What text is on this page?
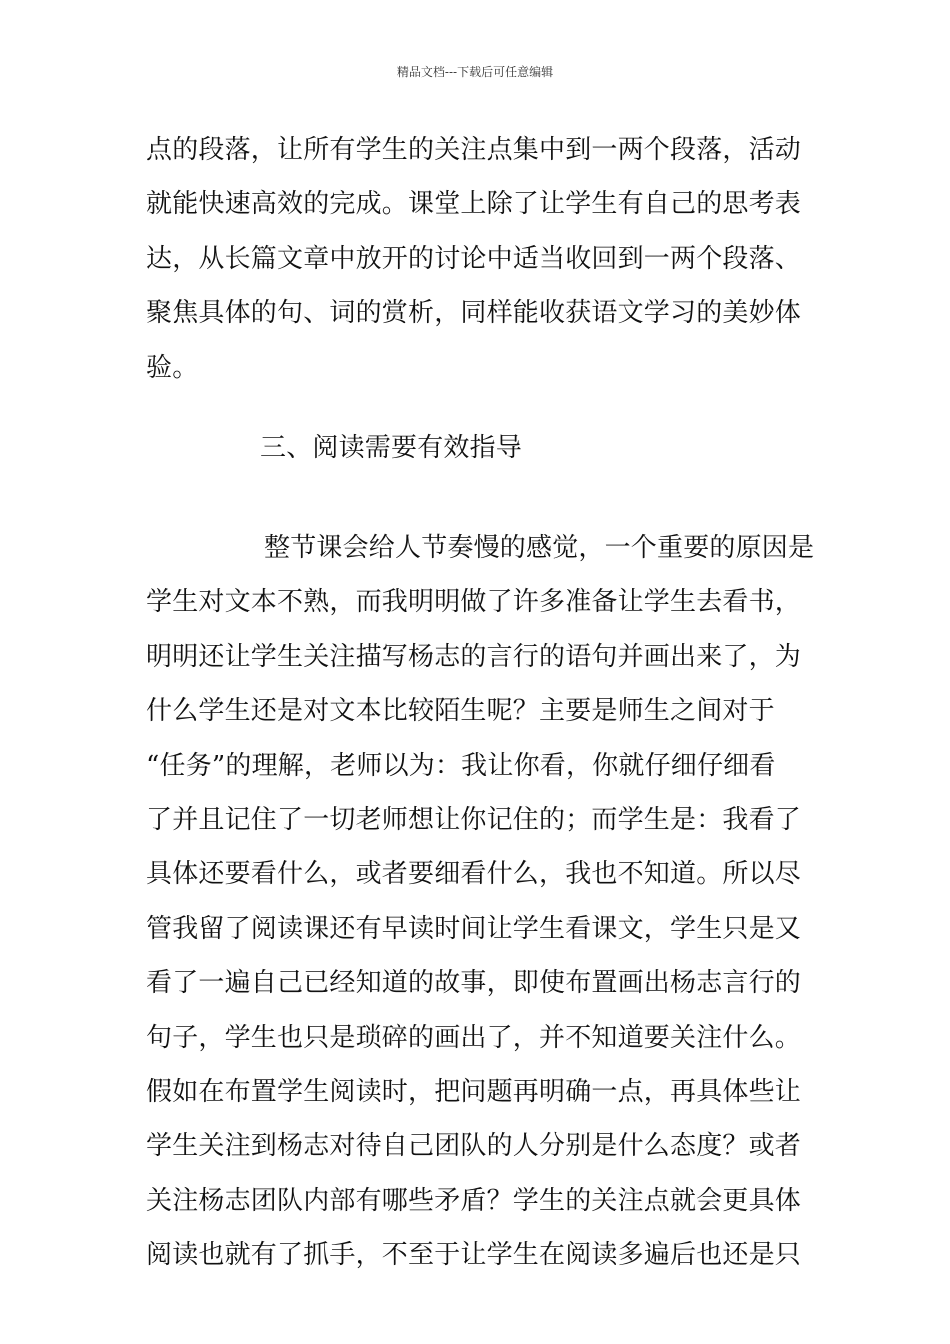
精品文档---下载后可任意编辑
点的段落，让所有学生的关注点集中到一两个段落，活动
就能快速高效的完成。课堂上除了让学生有自己的思考表
达，从长篇文章中放开的讨论中适当收回到一两个段落、
聚焦具体的句、词的赏析，同样能收获语文学习的美妙体
验。
三、阅读需要有效指导
整节课会给人节奏慢的感觉，一个重要的原因是
学生对文本不熟，而我明明做了许多准备让学生去看书，
明明还让学生关注描写杨志的言行的语句并画出来了，为
什么学生还是对文本比较陌生呢？主要是师生之间对于
“任务”的理解，老师以为：我让你看，你就仔细仔细看
了并且记住了一切老师想让你记住的；而学生是：我看了
具体还要看什么，或者要细看什么，我也不知道。所以尽
管我留了阅读课还有早读时间让学生看课文，学生只是又
看了一遍自己已经知道的故事，即使布置画出杨志言行的
句子，学生也只是琐碎的画出了，并不知道要关注什么。
假如在布置学生阅读时，把问题再明确一点，再具体些让
学生关注到杨志对待自己团队的人分别是什么态度？或者
关注杨志团队内部有哪些矛盾？学生的关注点就会更具体
阅读也就有了抓手，不至于让学生在阅读多遍后也还是只
